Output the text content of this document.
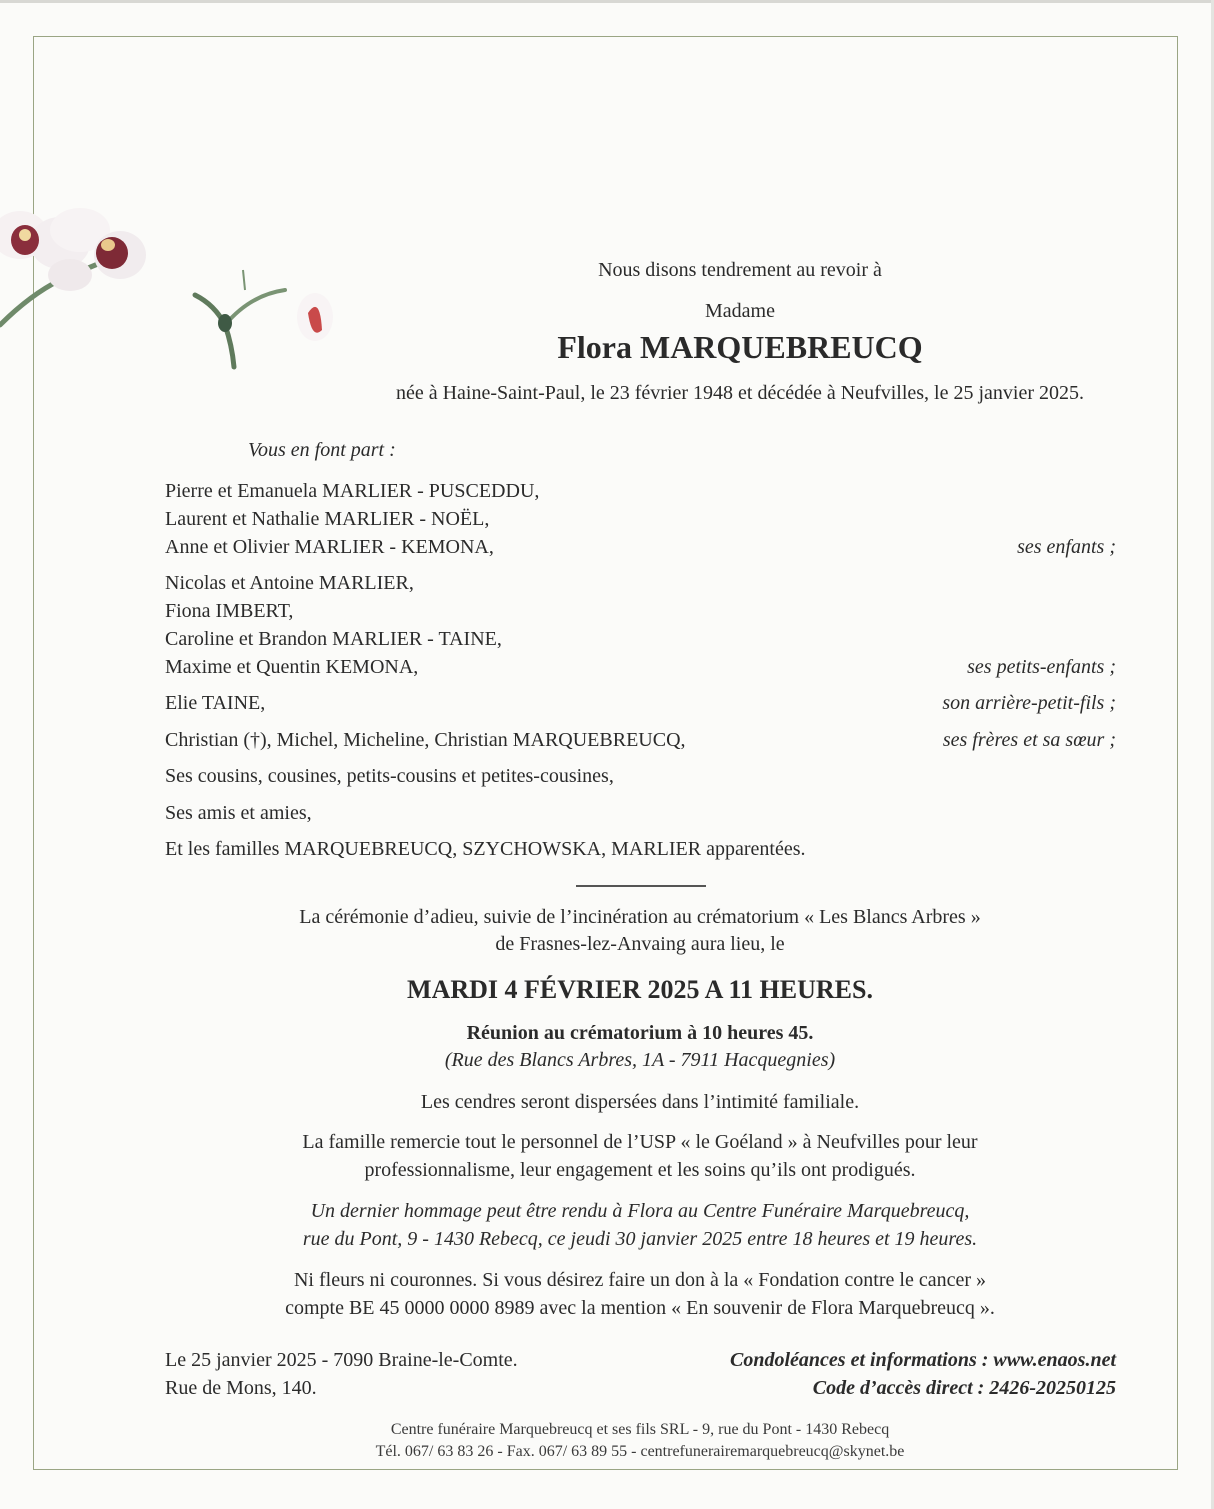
Nous disons tendrement au revoir à

Madame

Flora MARQUEBREUCQ

née à Haine-Saint-Paul, le 23 février 1948 et décédée à Neufvilles, le 25 janvier 2025.

Vous en font part :

Pierre et Emanuela MARLIER - PUSCEDDU,

Laurent et Nathalie MARLIER - NOËL,

Anne et Olivier MARLIER - KEMONA,	ses enfants ;

Nicolas et Antoine MARLIER,

Fiona IMBERT,

Caroline et Brandon MARLIER - TAINE,

Maxime et Quentin KEMONA,	ses petits-enfants ;

Elie TAINE,	son arrière-petit-fils ;

Christian (†), Michel, Micheline, Christian MARQUEBREUCQ,	ses frères et sa sœur ;

Ses cousins, cousines, petits-cousins et petites-cousines,

Ses amis et amies,

Et les familles MARQUEBREUCQ, SZYCHOWSKA, MARLIER apparentées.

La cérémonie d’adieu, suivie de l’incinération au crématorium « Les Blancs Arbres »

de Frasnes-lez-Anvaing aura lieu, le

MARDI 4 FÉVRIER 2025 A 11 HEURES.

Réunion au crématorium à 10 heures 45.

(Rue des Blancs Arbres, 1A - 7911 Hacquegnies)

Les cendres seront dispersées dans l’intimité familiale.

La famille remercie tout le personnel de l’USP « le Goéland » à Neufvilles pour leur

professionnalisme, leur engagement et les soins qu’ils ont prodigués.

Un dernier hommage peut être rendu à Flora au Centre Funéraire Marquebreucq,

rue du Pont, 9 - 1430 Rebecq, ce jeudi 30 janvier 2025 entre 18 heures et 19 heures.

Ni fleurs ni couronnes. Si vous désirez faire un don à la « Fondation contre le cancer »

compte BE 45 0000 0000 8989 avec la mention « En souvenir de Flora Marquebreucq ».

Le 25 janvier 2025 - 7090 Braine-le-Comte.

Rue de Mons, 140.

Condoléances et informations : www.enaos.net

Code d’accès direct : 2426-20250125

Centre funéraire Marquebreucq et ses fils SRL - 9, rue du Pont - 1430 Rebecq

Tél. 067/ 63 83 26 - Fax. 067/ 63 89 55 - centrefunerairemarquebreucq@skynet.be
